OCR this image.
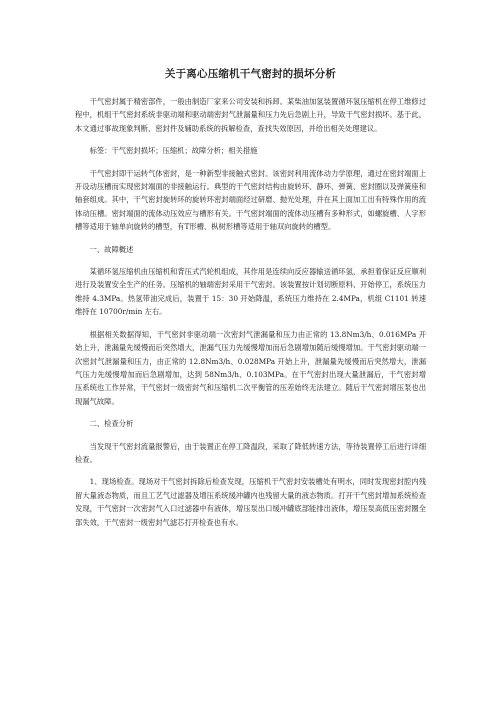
关于离心压缩机干气密封的损坏分析

干气密封属于精密部件，一般由制造厂家来公司安装和拆卸。某柴油加氢装置循环氢压缩机在停工维修过程中，机组干气密封系统非驱动端和驱动端密封气泄漏量和压力先后急剧上升，导致干气密封损坏。基于此，本文通过事故现象判断、密封件及辅助系统的拆解检查，查找失效原因，并给出相关处理建议。

标签：干气密封损坏；压缩机；故障分析；相关措施

干气密封即干运转气体密封，是一种新型非接触式密封。该密封利用流体动力学原理，通过在密封端面上开设动压槽而实现密封端面的非接触运行。典型的干气密封结构由旋转环、静环、弹簧、密封圈以及弹簧座和轴套组成。其中，干气密封旋转环的旋转环密封端面经过研磨、抛光处理，并在其上面加工出有特殊作用的流体动压槽。密封端面的流体动压效应与槽形有关。干气密封端面的流体动压槽有多种形式，如螺旋槽、人字形槽等适用于轴单向旋转的槽型，有T形槽、枞树形槽等适用于轴双向旋转的槽型。

一、故障概述

某循环氢压缩机由压缩机和背压式汽轮机组成，其作用是连续向反应器输送循环氢，承担着保证反应顺利进行及装置安全生产的任务。压缩机的轴端密封采用干气密封。该装置按计划切断原料、开始停工，系统压力维持 4.3MPa。热氢带油完成后，装置于 15：30 开始降温，系统压力维持在 2.4MPa，机组 C1101 转速维持在 10700r/min 左右。

根据相关数据得知，干气密封非驱动端一次密封气泄漏量和压力由正常的 13.8Nm3/h、0.016MPa 开始上升，泄漏量先缓慢而后突然增大，泄漏气压力先缓慢增加而后急剧增加随后缓慢增加。干气密封驱动端一次密封气泄漏量和压力，由正常的 12.8Nm3/h、0.028MPa 开始上升，泄漏量先缓慢而后突然增大，泄漏气压力先缓慢增加而后急剧增加，达到 58Nm3/h、0.103MPa。在干气密封出现大量泄漏后，干气密封增压系统也工作异常，干气密封一级密封气和压缩机二次平衡管的压差始终无法建立。随后干气密封增压泵也出现漏气故障。

二、检查分析

当发现干气密封流量报警后，由于装置正在停工降温段，采取了降低转速方法，等待装置停工后进行详细检查。

1、现场检查。现场对干气密封拆除后检查发现，压缩机干气密封安装槽处有明水，同时发现密封腔内残留大量液态物质，而且工艺气过滤器及增压系统缓冲罐内也残留大量的液态物质。打开干气密封增加系统检查发现，干气密封一次密封气入口过滤器中有液体，增压泵出口缓冲罐底部能排出液体，增压泵高低压密封圈全部失效，干气密封一级密封气滤芯打开检查也有水。
